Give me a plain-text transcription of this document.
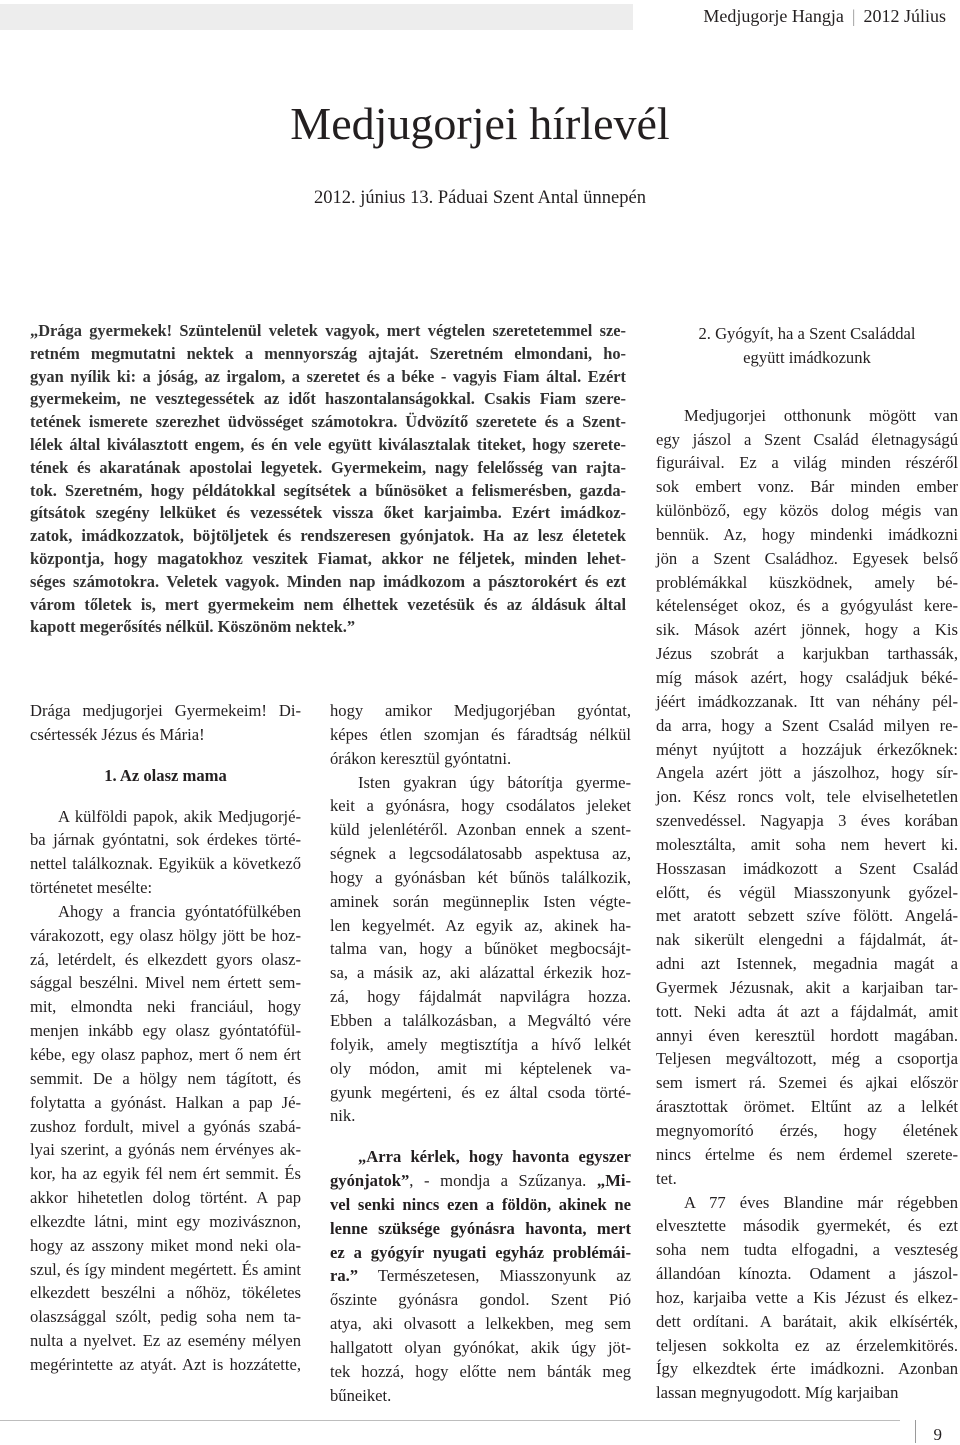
Medjugorje Hangja | 2012 Július
Medjugorjei hírlevél
2012. június 13. Páduai Szent Antal ünnepén
„Drága gyermekek! Szüntelenül veletek vagyok, mert végtelen szeretetemmel sze-
retném megmutatni nektek a mennyország ajtaját. Szeretném elmondani, ho-
gyan nyílik ki: a jóság, az irgalom, a szeretet és a béke - vagyis Fiam által. Ezért
gyermekeim, ne vesztegessétek az időt haszontalanságokkal. Csakis Fiam szere-
tetének ismerete szerezhet üdvösséget számotokra. Üdvözítő szeretete és a Szent-
lélek által kiválasztott engem, és én vele együtt kiválasztalak titeket, hogy szerete-
tének és akaratának apostolai legyetek. Gyermekeim, nagy felelősség van rajta-
tok. Szeretném, hogy példátokkal segítsétek a bűnösöket a felismerésben, gazda-
gítsátok szegény lelküket és vezessétek vissza őket karjaimba. Ezért imádkoz-
zatok, imádkozzatok, böjtöljetek és rendszeresen gyónjatok. Ha az lesz életetek
központja, hogy magatokhoz veszitek Fiamat, akkor ne féljetek, minden lehet-
séges számotokra. Veletek vagyok. Minden nap imádkozom a pásztorokért és ezt
várom tőletek is, mert gyermekeim nem élhettek vezetésük és az áldásuk által
kapott megerősítés nélkül. Köszönöm nektek.”
Drága medjugorjei Gyermekeim! Di-
csértessék Jézus és Mária!
1. Az olasz mama
A külföldi papok, akik Medjugorjé-
ba járnak gyóntatni, sok érdekes törté-
nettel találkoznak. Egyikük a következő
történetet mesélte:
Ahogy a francia gyóntatófülkében
várakozott, egy olasz hölgy jött be hoz-
zá, letérdelt, és elkezdett gyors olasz-
sággal beszélni. Mivel nem értett sem-
mit, elmondta neki franciául, hogy
menjen inkább egy olasz gyóntatófül-
kébe, egy olasz paphoz, mert ő nem ért
semmit. De a hölgy nem tágított, és
folytatta a gyónást. Halkan a pap Jé-
zushoz fordult, mivel a gyónás szabá-
lyai szerint, a gyónás nem érvényes ak-
kor, ha az egyik fél nem ért semmit. És
akkor hihetetlen dolog történt. A pap
elkezdte látni, mint egy mozivásznon,
hogy az asszony miket mond neki ola-
szul, és így mindent megértett. És amint
elkezdett beszélni a nőhöz, tökéletes
olaszsággal szólt, pedig soha nem ta-
nulta a nyelvet. Ez az esemény mélyen
megérintette az atyát. Azt is hozzátette,
hogy amikor Medjugorjéban gyóntat,
képes étlen szomjan és fáradtság nélkül
órákon keresztül gyóntatni.
Isten gyakran úgy bátorítja gyerme-
keit a gyónásra, hogy csodálatos jeleket
küld jelenlétéről. Azonban ennek a szent-
ségnek a legcsodálatosabb aspektusa az,
hogy a gyónásban két bűnös találkozik,
aminek során megünnepliк Isten végte-
len kegyelmét. Az egyik az, akinek ha-
talma van, hogy a bűnöket megbocsájt-
sa, a másik az, aki alázattal érkezik hoz-
zá, hogy fájdalmát napvilágra hozza.
Ebben a találkozásban, a Megváltó vére
folyik, amely megtisztítja a hívő lelkét
oly módon, amit mi képtelenek va-
gyunk megérteni, és ez által csoda törté-
nik.
„Arra kérlek, hogy havonta egyszer
gyónjatok”, - mondja a Szűzanya. „Mi-
vel senki nincs ezen a földön, akinek ne
lenne szüksége gyónásra havonta, mert
ez a gyógyír nyugati egyház problémái-
ra.” Természetesen, Miasszonyunk az
őszinte gyónásra gondol. Szent Pió
atya, aki olvasott a lelkekben, meg sem
hallgatott olyan gyónókat, akik úgy jöt-
tek hozzá, hogy előtte nem bánták meg
bűneiket.
2. Gyógyít, ha a Szent Családdal
együtt imádkozunk
Medjugorjei otthonunk mögött van
egy jászol a Szent Család életnagyságú
figuráival. Ez a világ minden részéről
sok embert vonz. Bár minden ember
különböző, egy közös dolog mégis van
bennük. Az, hogy mindenki imádkozni
jön a Szent Családhoz. Egyesek belső
problémákkal küszködnek, amely bé-
kételenséget okoz, és a gyógyulást kere-
sik. Mások azért jönnek, hogy a Kis
Jézus szobrát a karjukban tarthassák,
míg mások azért, hogy családjuk béké-
jéért imádkozzanak. Itt van néhány pél-
da arra, hogy a Szent Család milyen re-
ményt nyújtott a hozzájuk érkezőknek:
Angela azért jött a jászolhoz, hogy sír-
jon. Kész roncs volt, tele elviselhetetlen
szenvedéssel. Nagyapja 3 éves korában
molesztálta, amit soha nem hevert ki.
Hosszasan imádkozott a Szent Család
előtt, és végül Miasszonyunk győzel-
met aratott sebzett szíve fölött. Angelá-
nak sikerült elengedni a fájdalmát, át-
adni azt Istennek, megadnia magát a
Gyermek Jézusnak, akit a karjaiban tar-
tott. Neki adta át azt a fájdalmát, amit
annyi éven keresztül hordott magában.
Teljesen megváltozott, még a csoportja
sem ismert rá. Szemei és ajkai először
árasztottak örömet. Eltűnt az a lelkét
megnyomorító érzés, hogy életének
nincs értelme és nem érdemel szerete-
tet.
A 77 éves Blandine már régebben
elvesztette második gyermekét, és ezt
soha nem tudta elfogadni, a veszteség
állandóan kínozta. Odament a jászol-
hoz, karjaiba vette a Kis Jézust és elkez-
dett ordítani. A barátait, akik elkísérték,
teljesen sokkolta ez az érzelemkitörés.
Így elkezdtek érte imádkozni. Azonban
lassan megnyugodott. Míg karjaiban
9
